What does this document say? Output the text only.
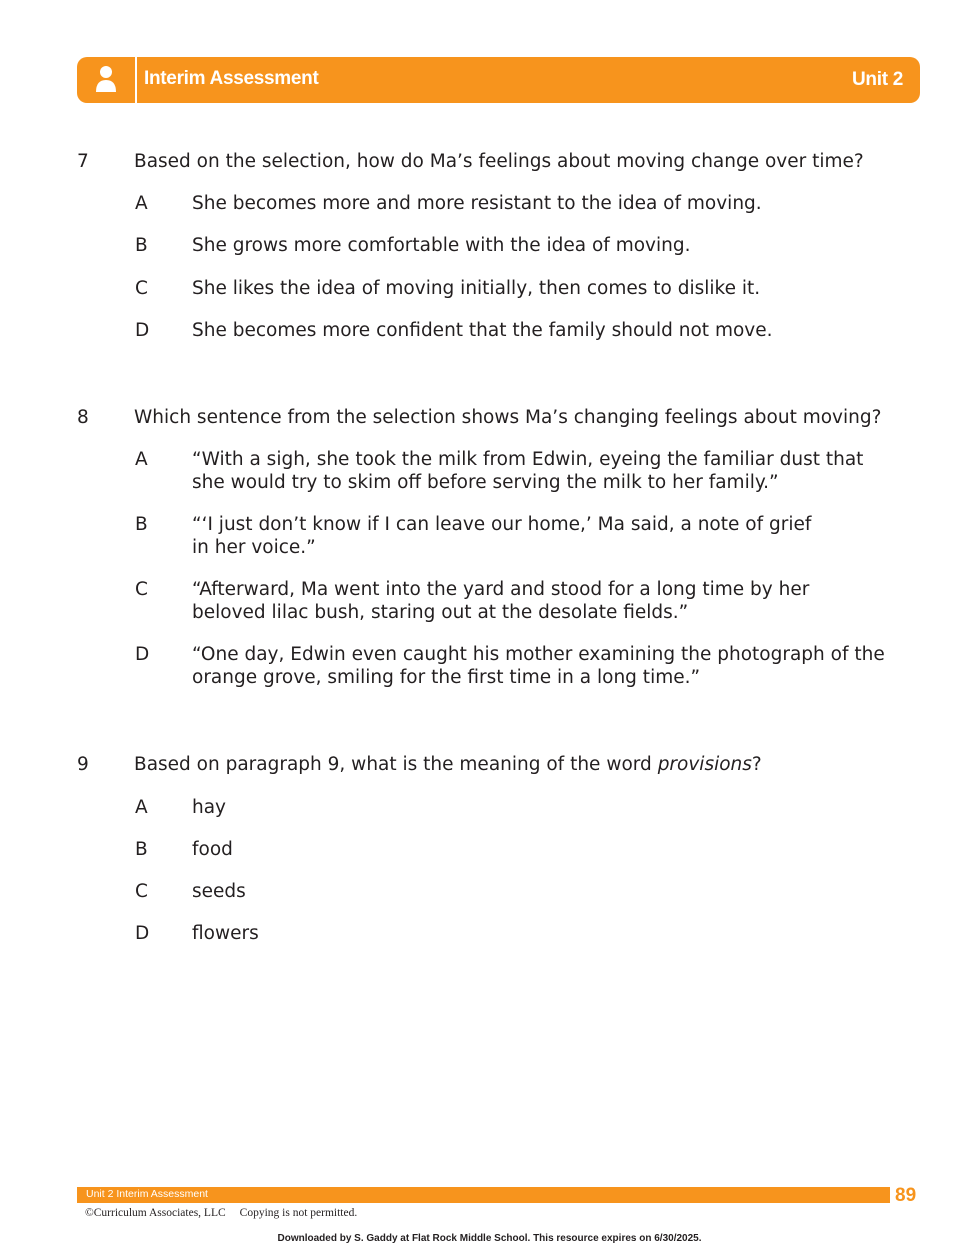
Interim Assessment	Unit 2
7 Based on the selection, how do Ma’s feelings about moving change over time?
A She becomes more and more resistant to the idea of moving.
B She grows more comfortable with the idea of moving.
C She likes the idea of moving initially, then comes to dislike it.
D She becomes more confident that the family should not move.
8 Which sentence from the selection shows Ma’s changing feelings about moving?
A “With a sigh, she took the milk from Edwin, eyeing the familiar dust that
she would try to skim off before serving the milk to her family.”
B “‘I just don’t know if I can leave our home,’ Ma said, a note of grief
in her voice.”
C “Afterward, Ma went into the yard and stood for a long time by her
beloved lilac bush, staring out at the desolate fields.”
D “One day, Edwin even caught his mother examining the photograph of the
orange grove, smiling for the first time in a long time.”
9 Based on paragraph 9, what is the meaning of the word provisions?
A hay
B food
C seeds
D flowers
Unit 2 Interim Assessment	89
©Curriculum Associates, LLC Copying is not permitted.
Downloaded by S. Gaddy at Flat Rock Middle School. This resource expires on 6/30/2025.
